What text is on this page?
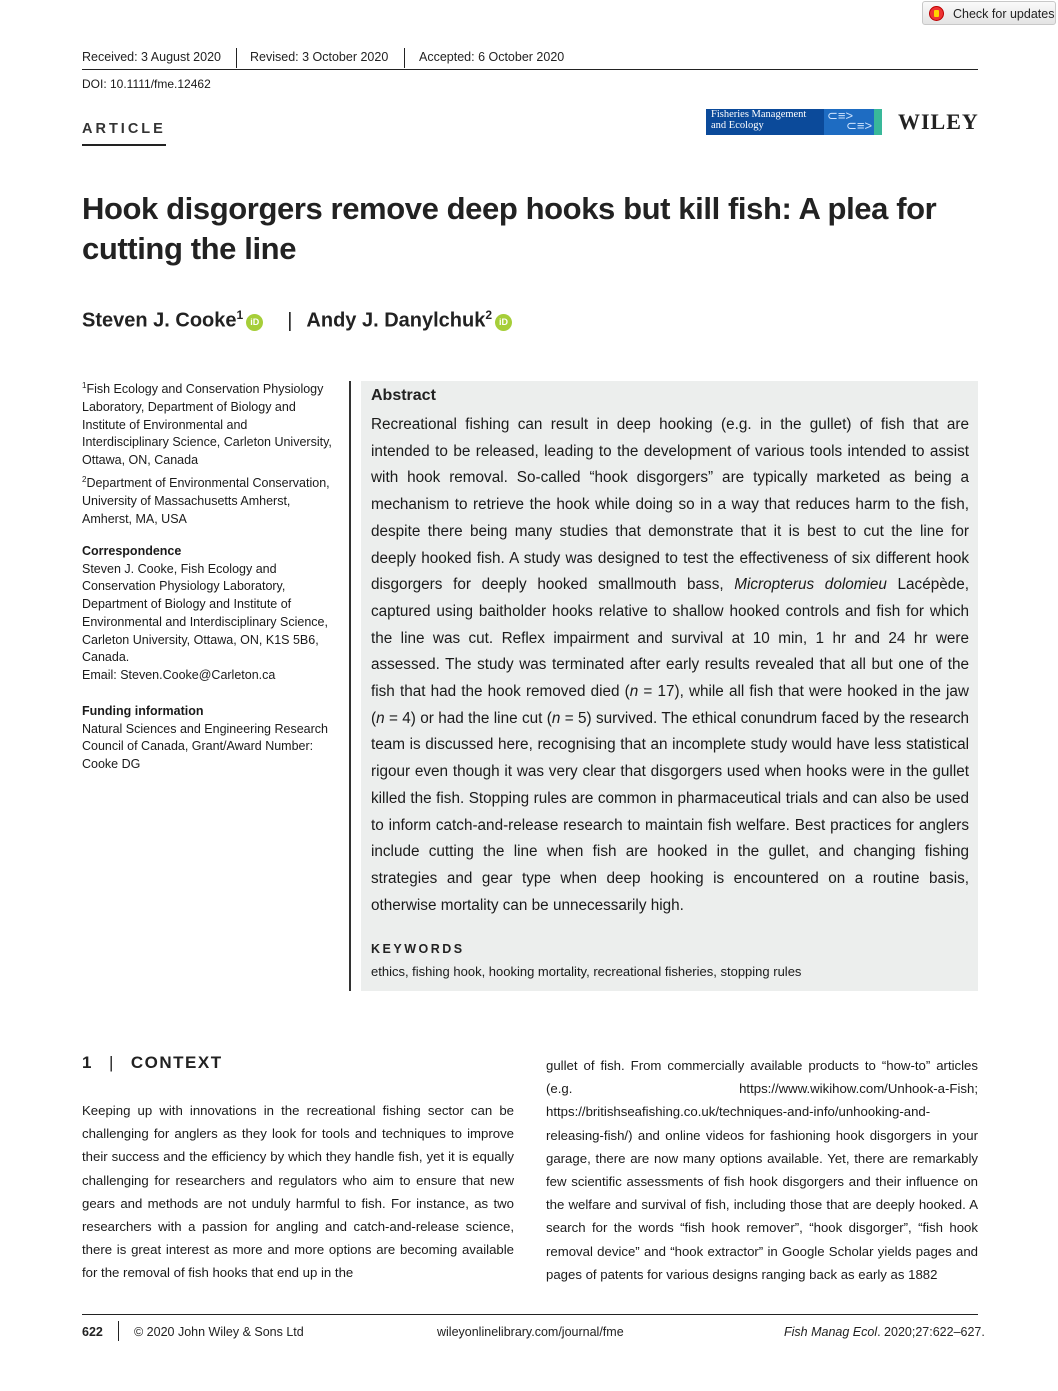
Check for updates
Received: 3 August 2020 Revised: 3 October 2020 Accepted: 6 October 2020
DOI: 10.1111/fme.12462
ARTICLE
Fisheries Management
and Ecology
⊂≡>
⊂≡> WILEY
Hook disgorgers remove deep hooks but kill fish: A plea for cutting the line
Steven J. Cooke$^1$ iD | Andy J. Danylchuk$^2$ iD
$^1$Fish Ecology and Conservation Physiology Laboratory, Department of Biology and Institute of Environmental and Interdisciplinary Science, Carleton University, Ottawa, ON, Canada
$^2$Department of Environmental Conservation, University of Massachusetts Amherst, Amherst, MA, USA
Correspondence
Steven J. Cooke, Fish Ecology and Conservation Physiology Laboratory, Department of Biology and Institute of Environmental and Interdisciplinary Science, Carleton University, Ottawa, ON, K1S 5B6, Canada.
Email: Steven.Cooke@Carleton.ca
Funding information
Natural Sciences and Engineering Research Council of Canada, Grant/Award Number: Cooke DG
Abstract
Recreational fishing can result in deep hooking (e.g. in the gullet) of fish that are intended to be released, leading to the development of various tools intended to assist with hook removal. So-called “hook disgorgers” are typically marketed as being a mechanism to retrieve the hook while doing so in a way that reduces harm to the fish, despite there being many studies that demonstrate that it is best to cut the line for deeply hooked fish. A study was designed to test the effectiveness of six different hook disgorgers for deeply hooked smallmouth bass, Micropterus dolomieu Lacépède, captured using baitholder hooks relative to shallow hooked controls and fish for which the line was cut. Reflex impairment and survival at 10 min, 1 hr and 24 hr were assessed. The study was terminated after early results revealed that all but one of the fish that had the hook removed died (n = 17), while all fish that were hooked in the jaw (n = 4) or had the line cut (n = 5) survived. The ethical conundrum faced by the research team is discussed here, recognising that an incomplete study would have less statistical rigour even though it was very clear that disgorgers used when hooks were in the gullet killed the fish. Stopping rules are common in pharmaceutical trials and can also be used to inform catch-and-release research to maintain fish welfare. Best practices for anglers include cutting the line when fish are hooked in the gullet, and changing fishing strategies and gear type when deep hooking is encountered on a routine basis, otherwise mortality can be unnecessarily high.
KEYWORDS
ethics, fishing hook, hooking mortality, recreational fisheries, stopping rules
1 | CONTEXT
Keeping up with innovations in the recreational fishing sector can be challenging for anglers as they look for tools and techniques to improve their success and the efficiency by which they handle fish, yet it is equally challenging for researchers and regulators who aim to ensure that new gears and methods are not unduly harmful to fish. For instance, as two researchers with a passion for angling and catch-and-release science, there is great interest as more and more options are becoming available for the removal of fish hooks that end up in the
gullet of fish. From commercially available products to “how-to” articles (e.g. https://www.wikihow.com/Unhook-a-Fish; https://britishseafishing.co.uk/techniques-and-info/unhooking-and-releasing-fish/) and online videos for fashioning hook disgorgers in your garage, there are now many options available. Yet, there are remarkably few scientific assessments of fish hook disgorgers and their influence on the welfare and survival of fish, including those that are deeply hooked. A search for the words “fish hook remover”, “hook disgorger”, “fish hook removal device” and “hook extractor” in Google Scholar yields pages and pages of patents for various designs ranging back as early as 1882
622 © 2020 John Wiley & Sons Ltd	wileyonlinelibrary.com/journal/fme	Fish Manag Ecol. 2020;27:622–627.
